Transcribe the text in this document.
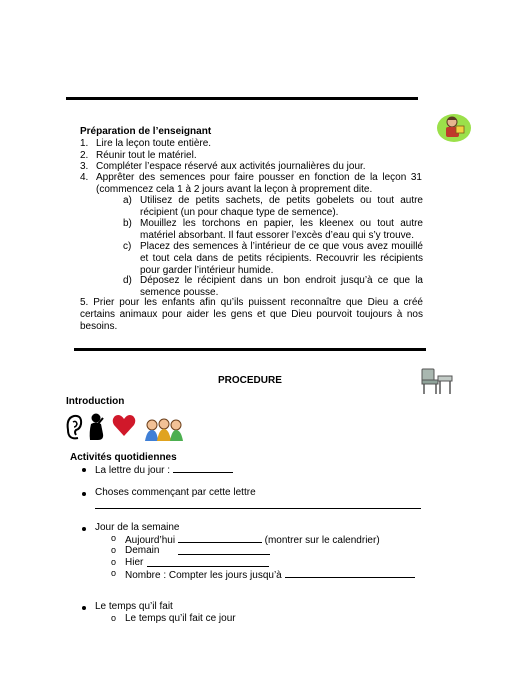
Préparation de l’enseignant
1. Lire la leçon toute entière.
2. Réunir tout le matériel.
3. Compléter l’espace réservé aux activités journalières du jour.
4. Apprêter des semences pour faire pousser en fonction de la leçon 31 (commencez cela 1 à 2 jours avant la leçon à proprement dite.
a) Utilisez de petits sachets, de petits gobelets ou tout autre récipient (un pour chaque type de semence).
b) Mouillez les torchons en papier, les kleenex ou tout autre matériel absorbant. Il faut essorer l’excès d’eau qui s’y trouve.
c) Placez des semences à l’intérieur de ce que vous avez mouillé et tout cela dans de petits récipients. Recouvrir les récipients pour garder l’intérieur humide.
d) Déposez le récipient dans un bon endroit jusqu’à ce que la semence pousse.
5. Prier pour les enfants afin qu’ils puissent reconnaître que Dieu a créé certains animaux pour aider les gens et que Dieu pourvoit toujours à nos besoins.
PROCEDURE
Introduction
Activités quotidiennes
La lettre du jour :
Choses commençant par cette lettre
Jour de la semaine
o Aujourd’hui	(montrer sur le calendrier)
o Demain
o Hier
o Nombre : Compter les jours jusqu’à
Le temps qu’il fait
o Le temps qu’il fait ce jour
